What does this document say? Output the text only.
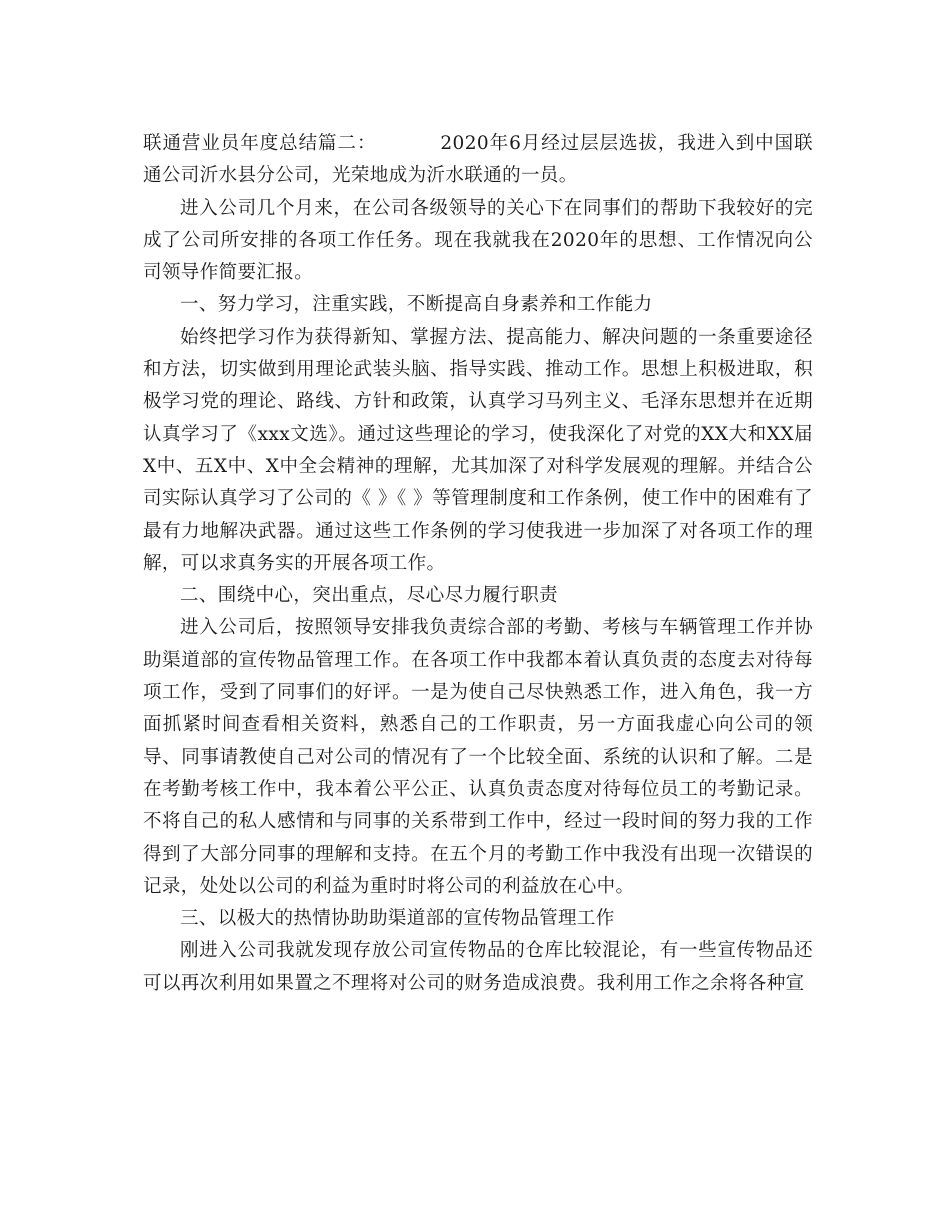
联通营业员年度总结篇二：	2020年6月经过层层选拔，我进入到中国联通公司沂水县分公司，光荣地成为沂水联通的一员。

进入公司几个月来，在公司各级领导的关心下在同事们的帮助下我较好的完成了公司所安排的各项工作任务。现在我就我在2020年的思想、工作情况向公司领导作简要汇报。

一、努力学习，注重实践，不断提高自身素养和工作能力

始终把学习作为获得新知、掌握方法、提高能力、解决问题的一条重要途径和方法，切实做到用理论武装头脑、指导实践、推动工作。思想上积极进取，积极学习党的理论、路线、方针和政策，认真学习马列主义、毛泽东思想并在近期认真学习了《xxx文选》。通过这些理论的学习，使我深化了对党的XX大和XX届X中、五X中、X中全会精神的理解，尤其加深了对科学发展观的理解。并结合公司实际认真学习了公司的《 》《 》等管理制度和工作条例，使工作中的困难有了最有力地解决武器。通过这些工作条例的学习使我进一步加深了对各项工作的理解，可以求真务实的开展各项工作。

二、围绕中心，突出重点，尽心尽力履行职责

进入公司后，按照领导安排我负责综合部的考勤、考核与车辆管理工作并协助渠道部的宣传物品管理工作。在各项工作中我都本着认真负责的态度去对待每项工作，受到了同事们的好评。一是为使自己尽快熟悉工作，进入角色，我一方面抓紧时间查看相关资料，熟悉自己的工作职责，另一方面我虚心向公司的领导、同事请教使自己对公司的情况有了一个比较全面、系统的认识和了解。二是在考勤考核工作中，我本着公平公正、认真负责态度对待每位员工的考勤记录。不将自己的私人感情和与同事的关系带到工作中，经过一段时间的努力我的工作得到了大部分同事的理解和支持。在五个月的考勤工作中我没有出现一次错误的记录，处处以公司的利益为重时时将公司的利益放在心中。

三、以极大的热情协助助渠道部的宣传物品管理工作

刚进入公司我就发现存放公司宣传物品的仓库比较混论，有一些宣传物品还可以再次利用如果置之不理将对公司的财务造成浪费。我利用工作之余将各种宣
